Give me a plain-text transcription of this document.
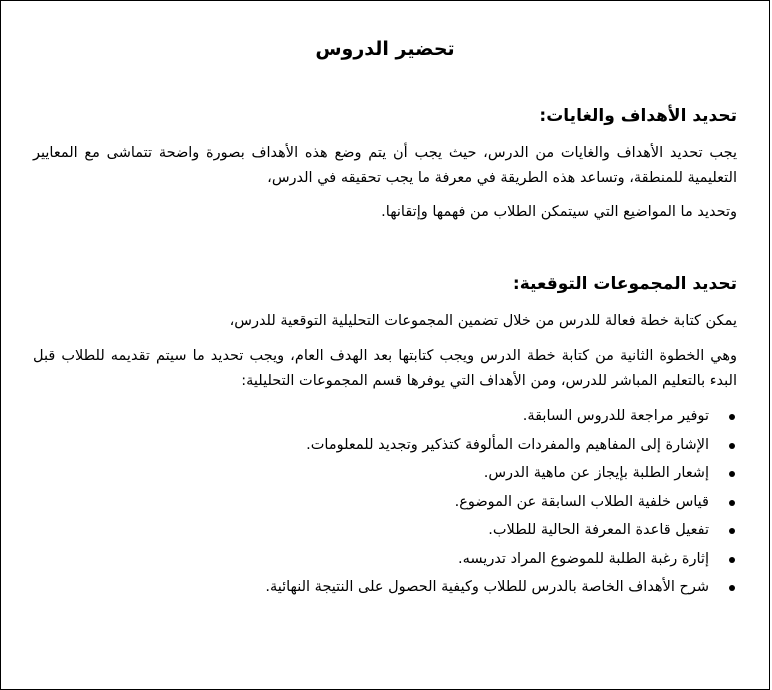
تحضير الدروس
تحديد الأهداف والغايات:

يجب تحديد الأهداف والغايات من الدرس، حيث يجب أن يتم وضع هذه الأهداف بصورة واضحة تتماشى مع المعايير التعليمية للمنطقة، وتساعد هذه الطريقة في معرفة ما يجب تحقيقه في الدرس،

وتحديد ما المواضيع التي سيتمكن الطلاب من فهمها وإتقانها.

تحديد المجموعات التوقعية:

يمكن كتابة خطة فعالة للدرس من خلال تضمين المجموعات التحليلية التوقعية للدرس،

وهي الخطوة الثانية من كتابة خطة الدرس ويجب كتابتها بعد الهدف العام، ويجب تحديد ما سيتم تقديمه للطلاب قبل البدء بالتعليم المباشر للدرس، ومن الأهداف التي يوفرها قسم المجموعات التحليلية:

توفير مراجعة للدروس السابقة.
الإشارة إلى المفاهيم والمفردات المألوفة كتذكير وتجديد للمعلومات.
إشعار الطلبة بإيجاز عن ماهية الدرس.
قياس خلفية الطلاب السابقة عن الموضوع.
تفعيل قاعدة المعرفة الحالية للطلاب.
إثارة رغبة الطلبة للموضوع المراد تدريسه.
شرح الأهداف الخاصة بالدرس للطلاب وكيفية الحصول على النتيجة النهائية.
